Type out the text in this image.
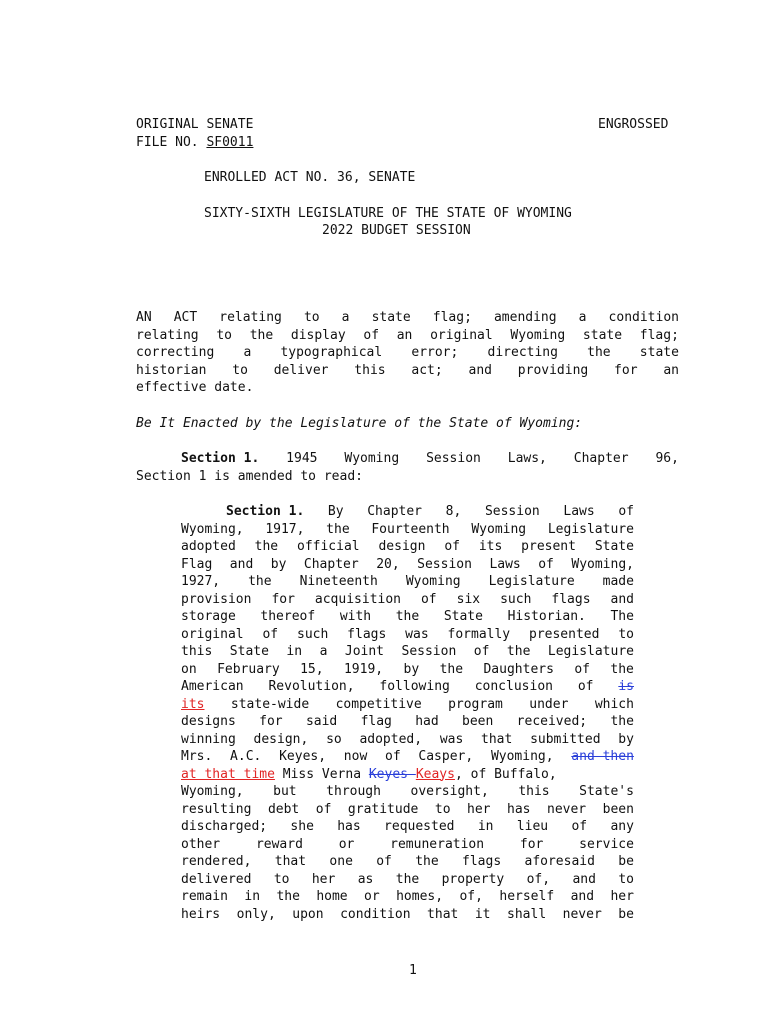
ORIGINAL SENATE
FILE NO. SF0011
ENGROSSED
ENROLLED ACT NO. 36, SENATE
SIXTY-SIXTH LEGISLATURE OF THE STATE OF WYOMING
2022 BUDGET SESSION
AN ACT relating to a state flag; amending a condition
relating to the display of an original Wyoming state flag;
correcting a typographical error; directing the state
historian to deliver this act; and providing for an
effective date.
Be It Enacted by the Legislature of the State of Wyoming:
Section 1. 1945 Wyoming Session Laws, Chapter 96,
Section 1 is amended to read:
Section 1. By Chapter 8, Session Laws of
Wyoming, 1917, the Fourteenth Wyoming Legislature
adopted the official design of its present State
Flag and by Chapter 20, Session Laws of Wyoming,
1927, the Nineteenth Wyoming Legislature made
provision for acquisition of six such flags and
storage thereof with the State Historian. The
original of such flags was formally presented to
this State in a Joint Session of the Legislature
on February 15, 1919, by the Daughters of the
American Revolution, following conclusion of is
its state-wide competitive program under which
designs for said flag had been received; the
winning design, so adopted, was that submitted by
Mrs. A.C. Keyes, now of Casper, Wyoming, and then
at that time Miss Verna Keyes Keays, of Buffalo,
Wyoming, but through oversight, this State's
resulting debt of gratitude to her has never been
discharged; she has requested in lieu of any
other	reward	or	remuneration	for	service
rendered, that one of the flags aforesaid be
delivered to her as the property of, and to
remain in the home or homes, of, herself and her
heirs only, upon condition that it shall never be
1
